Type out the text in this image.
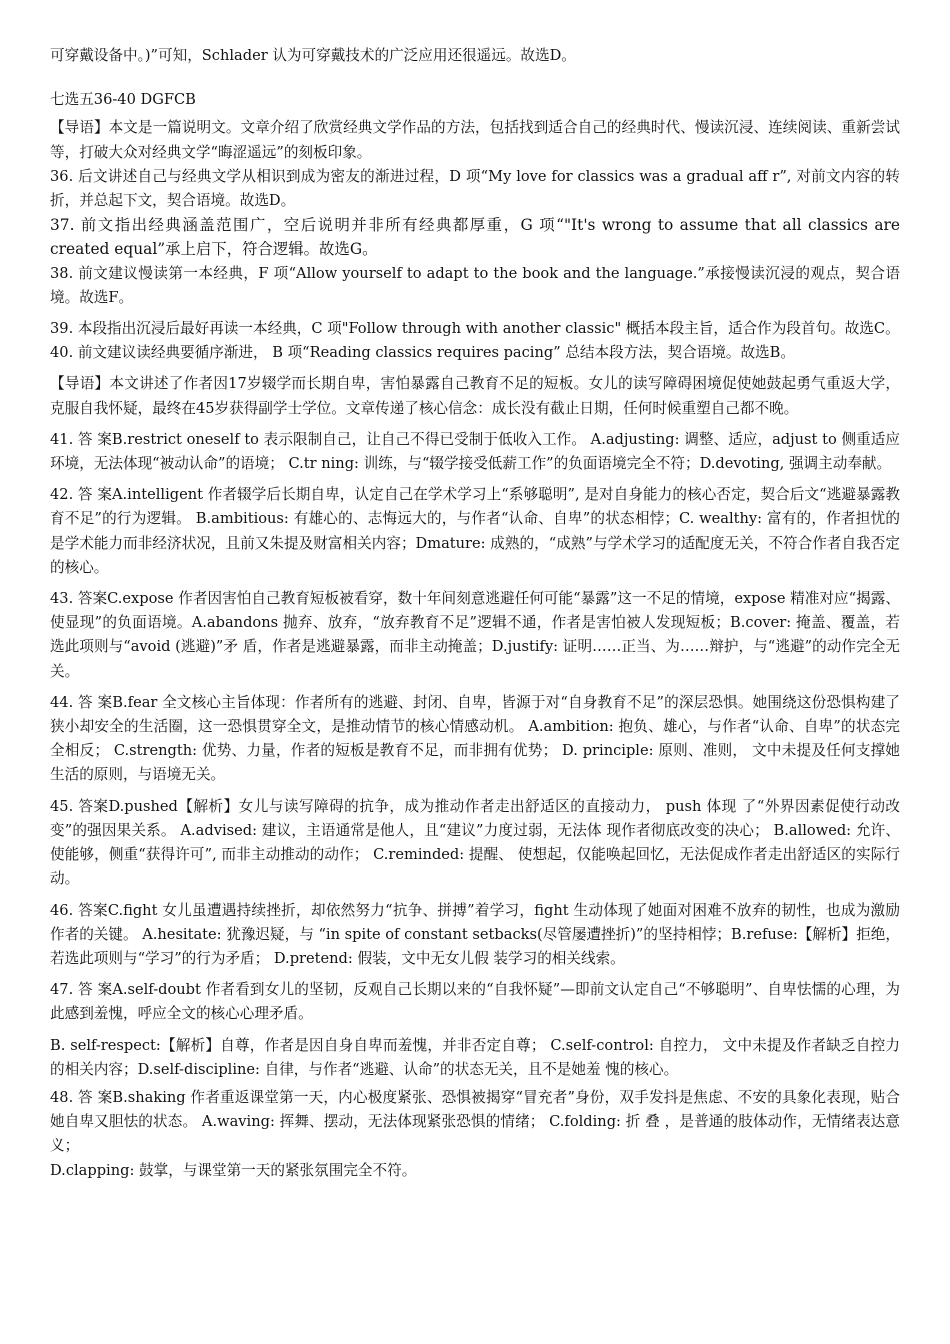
可穿戴设备中。)”可知，Schlader 认为可穿戴技术的广泛应用还很遥远。故选D。

七选五36-40 DGFCB

【导语】本文是一篇说明文。文章介绍了欣赏经典文学作品的方法，包括找到适合自己的经典时代、慢读沉浸、连续阅读、重新尝试等，打破大众对经典文学“晦涩遥远”的刻板印象。

36. 后文讲述自己与经典文学从相识到成为密友的渐进过程，D 项“My love for classics was a gradual aff r”, 对前文内容的转折，并总起下文，契合语境。故选D。

37. 前文指出经典涵盖范围广，空后说明并非所有经典都厚重，G 项“"It's wrong to assume that all classics are created equal”承上启下，符合逻辑。故选G。

38. 前文建议慢读第一本经典，F 项“Allow yourself to adapt to the book and the language.”承接慢读沉浸的观点，契合语境。故选F。

39. 本段指出沉浸后最好再读一本经典，C 项"Follow through with another classic" 概括本段主旨，适合作为段首句。故选C。

40. 前文建议读经典要循序渐进， B 项“Reading classics requires pacing” 总结本段方法，契合语境。故选B。

【导语】本文讲述了作者因17岁辍学而长期自卑，害怕暴露自己教育不足的短板。女儿的读写障碍困境促使她鼓起勇气重返大学，克服自我怀疑，最终在45岁获得副学士学位。文章传递了核心信念：成长没有截止日期，任何时候重塑自己都不晚。

41. 答 案B.restrict oneself to 表示限制自己，让自己不得已受制于低收入工作。 A.adjusting: 调整、适应，adjust to 侧重适应环境，无法体现“被动认命”的语境； C.tr ning: 训练，与“辍学接受低薪工作”的负面语境完全不符；D.devoting, 强调主动奉献。

42. 答 案A.intelligent 作者辍学后长期自卑，认定自己在学术学习上“系够聪明”, 是对自身能力的核心否定，契合后文“逃避暴露教育不足”的行为逻辑。 B.ambitious: 有雄心的、志悔远大的，与作者“认命、自卑”的状态相悖；C. wealthy: 富有的，作者担忧的是学术能力而非经济状况，且前又朱提及财富相关内容；Dmature: 成熟的，“成熟”与学术学习的适配度无关，不符合作者自我否定的核心。

43. 答案C.expose 作者因害怕自己教育短板被看穿，数十年间刻意逃避任何可能“暴露”这一不足的情境，expose 精准对应“揭露、使显现”的负面语境。A.abandons 抛弃、放弃，“放弃教育不足”逻辑不通，作者是害怕被人发现短板；B.cover: 掩盖、覆盖，若选此项则与“avoid (逃避)”矛 盾，作者是逃避暴露，而非主动掩盖；D.justify: 证明……正当、为……辩护，与“逃避”的动作完全无关。

44. 答 案B.fear 全文核心主旨体现：作者所有的逃避、封闭、自卑，皆源于对“自身教育不足”的深层恐惧。她围绕这份恐惧构建了狭小却安全的生活圈，这一恐惧贯穿全文，是推动情节的核心情感动机。 A.ambition: 抱负、雄心，与作者“认命、自卑”的状态完全相反； C.strength: 优势、力量，作者的短板是教育不足，而非拥有优势； D. principle: 原则、准则， 文中未提及任何支撑她生活的原则，与语境无关。

45. 答案D.pushed【解析】女儿与读写障碍的抗争，成为推动作者走出舒适区的直接动力， push 体现 了“外界因素促使行动改变”的强因果关系。 A.advised: 建议，主语通常是他人，且“建议”力度过弱，无法体 现作者彻底改变的决心； B.allowed: 允许、使能够，侧重“获得许可”, 而非主动推动的动作； C.reminded: 提醒、 使想起，仅能唤起回忆，无法促成作者走出舒适区的实际行动。

46. 答案C.fight 女儿虽遭遇持续挫折，却依然努力“抗争、拼搏”着学习，fight 生动体现了她面对困难不放弃的韧性，也成为激励作者的关键。 A.hesitate: 犹豫迟疑，与 “in spite of constant setbacks(尽管屡遭挫折)”的坚持相悖；B.refuse:【解析】拒绝，若选此项则与“学习”的行为矛盾； D.pretend: 假装，文中无女儿假 装学习的相关线索。

47. 答 案A.self-doubt 作者看到女儿的坚韧，反观自己长期以来的“自我怀疑”—即前文认定自己“不够聪明”、自卑怯懦的心理，为此感到羞愧，呼应全文的核心心理矛盾。

B. self-respect:【解析】自尊，作者是因自身自卑而羞愧，并非否定自尊； C.self-control: 自控力， 文中未提及作者缺乏自控力的相关内容；D.self-discipline: 自律，与作者“逃避、认命”的状态无关，且不是她羞 愧的核心。

48. 答 案B.shaking 作者重返课堂第一天，内心极度紧张、恐惧被揭穿“冒充者”身份，双手发抖是焦虑、不安的具象化表现，贴合她自卑又胆怯的状态。 A.waving: 挥舞、摆动，无法体现紧张恐惧的情绪； C.folding: 折 叠 ，是普通的肢体动作，无情绪表达意义；

D.clapping: 鼓掌，与课堂第一天的紧张氛围完全不符。
